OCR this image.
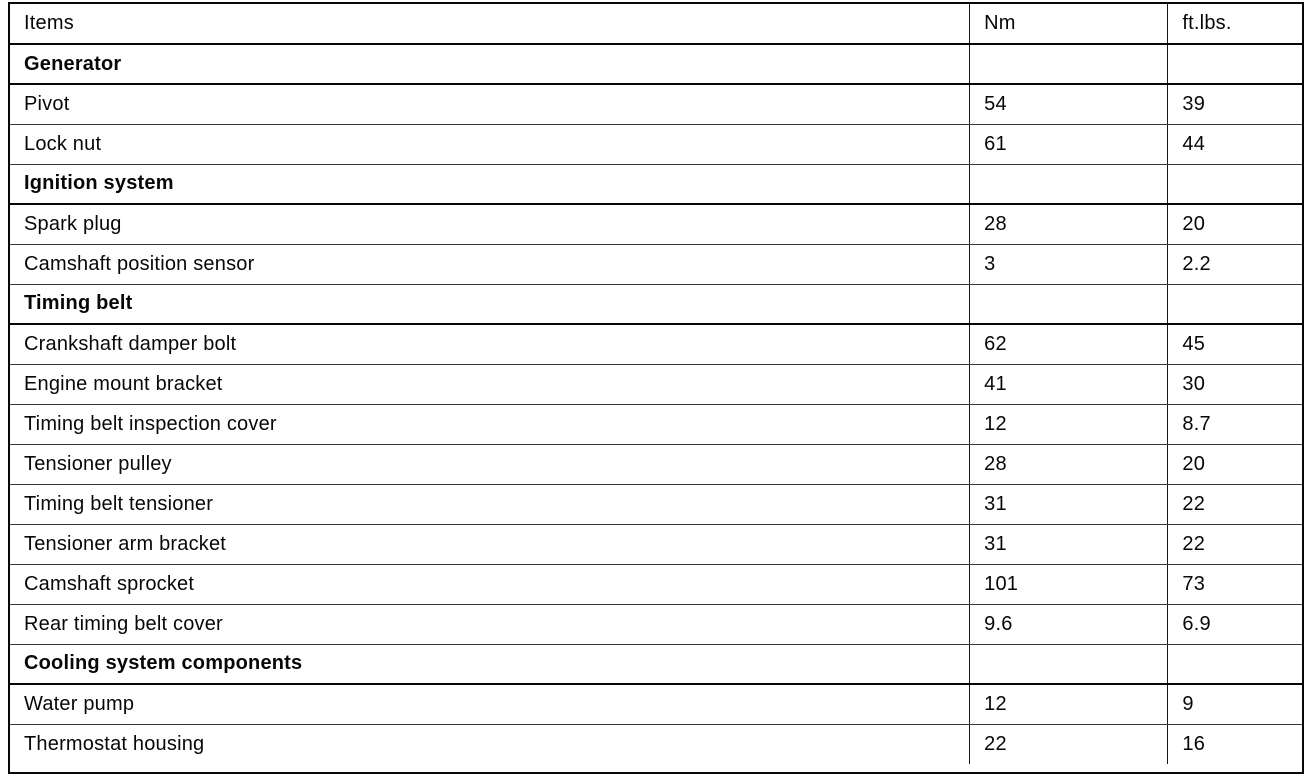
Items	Nm	ft.lbs.
Generator		
Pivot	54	39
Lock nut	61	44
Ignition system		
Spark plug	28	20
Camshaft position sensor	3	2.2
Timing belt		
Crankshaft damper bolt	62	45
Engine mount bracket	41	30
Timing belt inspection cover	12	8.7
Tensioner pulley	28	20
Timing belt tensioner	31	22
Tensioner arm bracket	31	22
Camshaft sprocket	101	73
Rear timing belt cover	9.6	6.9
Cooling system components		
Water pump	12	9
Thermostat housing	22	16
